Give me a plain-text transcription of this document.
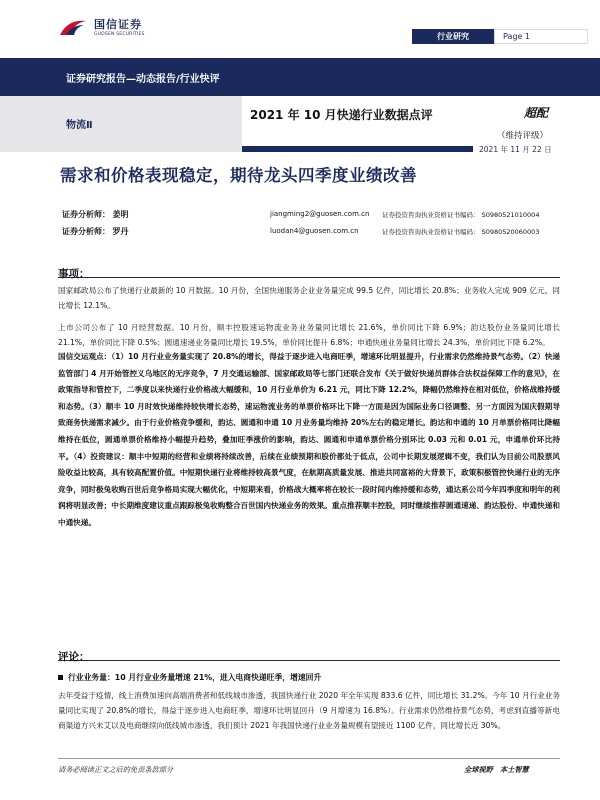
国信证券
GUOSEN SECURITIES	行业研究	Page 1
证券研究报告—动态报告/行业快评
物流Ⅱ
2021 年 10 月快递行业数据点评	超配
（维持评级）
2021 年 11 月 22 日
需求和价格表现稳定，期待龙头四季度业绩改善
证券分析师： 姜明	jiangming2@guosen.com.cn 证券投资咨询执业资格证书编码： S0980521010004
证券分析师： 罗丹	luodan4@guosen.com.cn	证券投资咨询执业资格证书编码： S0980520060003
事项：
国家邮政局公布了快递行业最新的 10 月数据。10 月份，全国快递服务企业业务量完成 99.5 亿件，同比增长 20.8%；业务收入完成 909 亿元，同比增长 12.1%。
上市公司公布了 10 月经营数据。10 月份，顺丰控股速运物流业务业务量同比增长 21.6%，单价同比下降 6.9%；韵达股份业务量同比增长 21.1%，单价同比下降 0.5%；圆通速递业务量同比增长 19.5%，单价同比提升 6.8%；申通快递业务量同比增长 24.3%，单价同比下降 6.2%。
国信交运观点：（1）10 月行业业务量实现了 20.8%的增长，得益于逐步进入电商旺季，增速环比明显提升，行业需求仍然维持景气态势。（2）快递监管部门 4 月开始管控义乌地区的无序竞争，7 月交通运输部、国家邮政局等七部门还联合发布《关于做好快递员群体合法权益保障工作的意见》，在政策指导和管控下，二季度以来快递行业价格战大幅缓和，10 月行业单价为 6.21 元，同比下降 12.2%，降幅仍然维持在相对低位，价格战维持缓和态势。（3）顺丰 10 月时效快递维持较快增长态势，速运物流业务的单票价格环比下降一方面是因为国际业务口径调整、另一方面因为国庆假期导致商务快递需求减少。由于行业价格竞争缓和，韵达、圆通和申通 10 月业务量均维持 20%左右的稳定增长。韵达和申通的 10 月单票价格同比降幅维持在低位，圆通单票价格维持小幅提升趋势，叠加旺季涨价的影响，韵达、圆通和申通单票价格分别环比 0.03 元和 0.01 元，申通单价环比持平。（4）投资建议：顺丰中短期的经营和业绩将持续改善，后续在业绩预期和股价都处于低点，公司中长期发展逻辑不变，我们认为目前公司股票风险收益比较高，具有较高配置价值。中短期快递行业将维持较高景气度，在航期高质量发展、推进共同富裕的大背景下，政策积极管控快递行业的无序竞争，同时极兔收购百世后竞争格局实现大幅优化，中短期来看，价格战大概率将在较长一段时间内维持缓和态势，通达系公司今年四季度和明年的利润将明显改善；中长期维度建议重点跟踪极兔收购整合百世国内快递业务的效果。重点推荐顺丰控股，同时继续推荐圆通速递、韵达股份、申通快递和中通快递。
评论：
行业业务量：10 月行业业务量增速 21%，进入电商快递旺季，增速回升
去年受益于疫情，线上消费加速向高端消费者和低线城市渗透，我国快递行业 2020 年全年实现 833.6 亿件，同比增长 31.2%。今年 10 月行业业务量同比实现了 20.8%的增长，得益于逐步进入电商旺季，增速环比明显回升（9 月增速为 16.8%）。行业需求仍然维持景气态势，考虑到直播等新电商渠道方兴未艾以及电商继续向低线城市渗透，我们预计 2021 年我国快递行业业务量规模有望接近 1100 亿件，同比增长近 30%。
请务必阅读正文之后的免责条款部分	全球视野　本土智慧
